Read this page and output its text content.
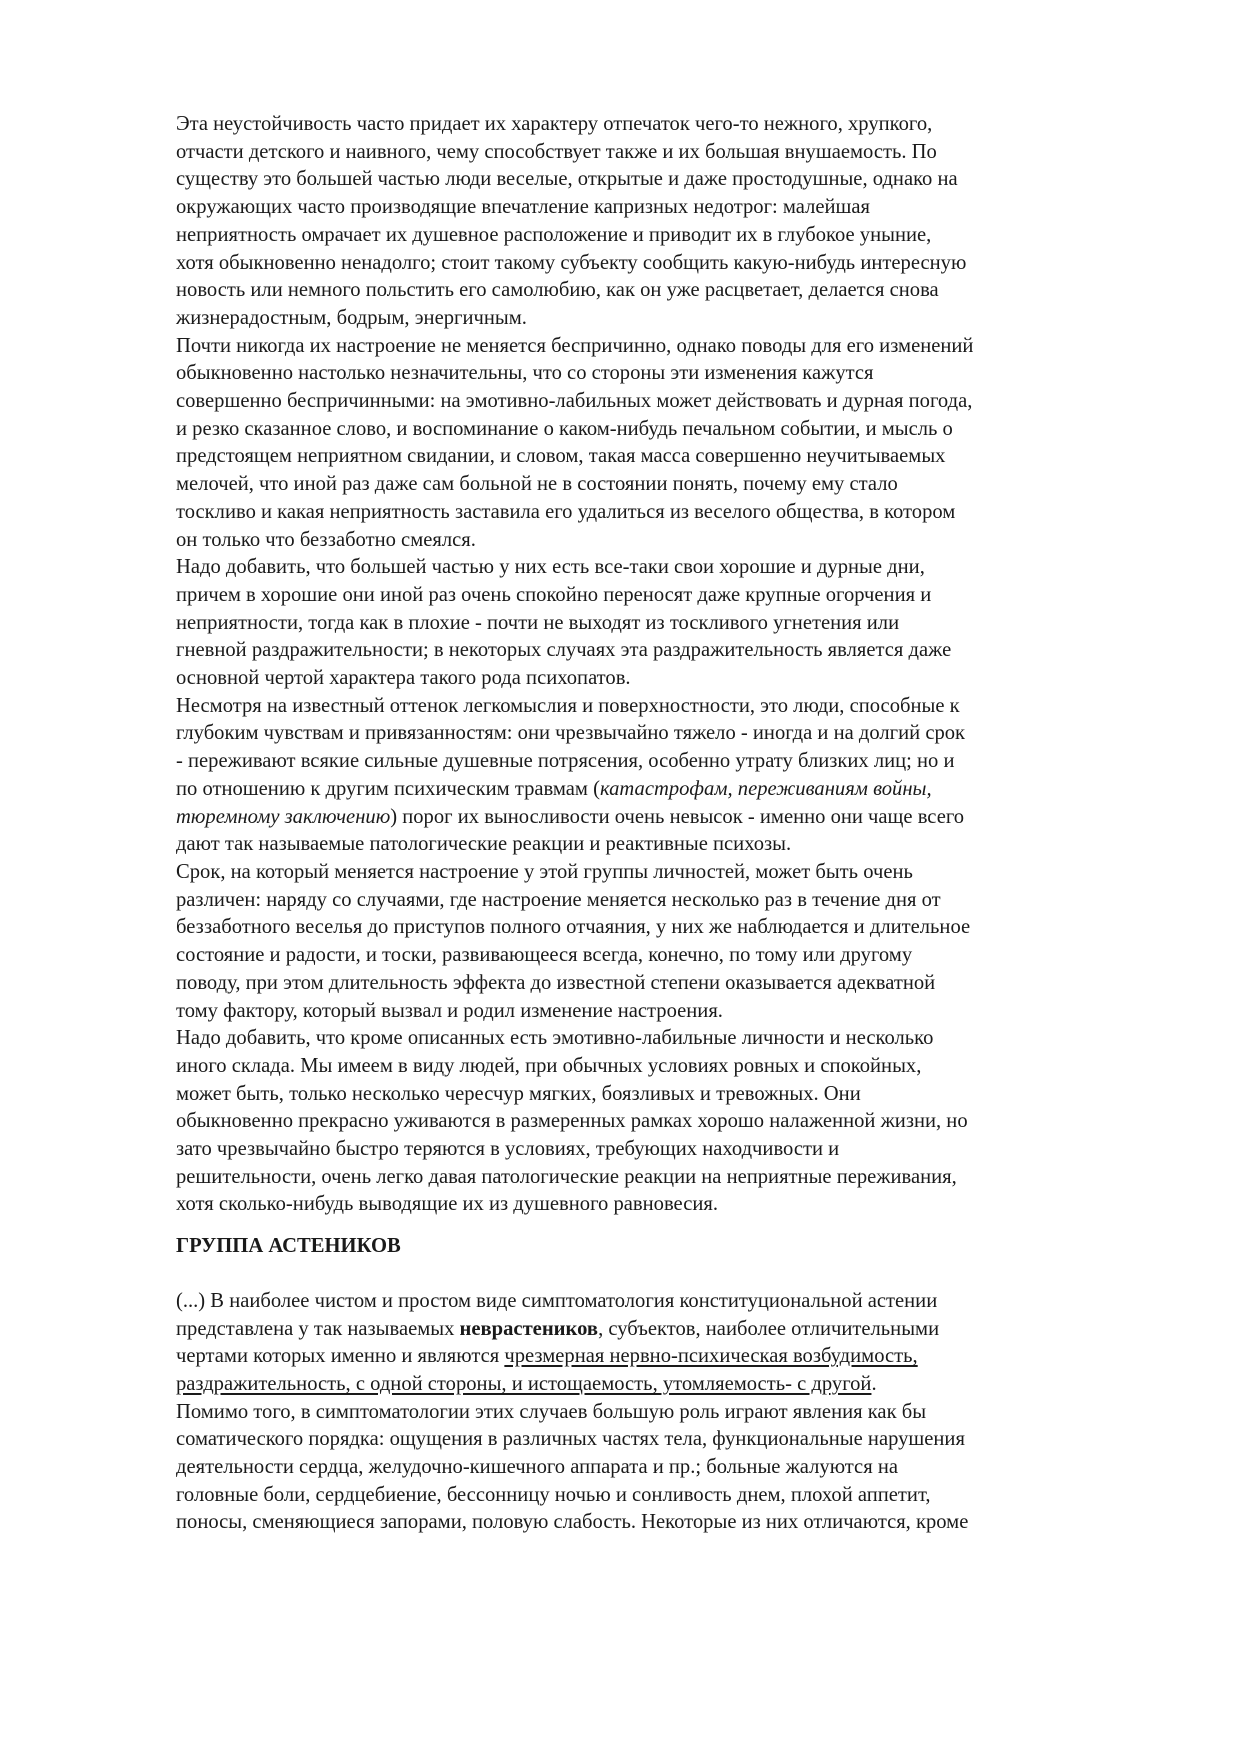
Эта неустойчивость часто придает их характеру отпечаток чего-то нежного, хрупкого,
отчасти детского и наивного, чему способствует также и их большая внушаемость. По
существу это большей частью люди веселые, открытые и даже простодушные, однако на
окружающих часто производящие впечатление капризных недотрог: малейшая
неприятность омрачает их душевное расположение и приводит их в глубокое уныние,
хотя обыкновенно ненадолго; стоит такому субъекту сообщить какую-нибудь интересную
новость или немного польстить его самолюбию, как он уже расцветает, делается снова
жизнерадостным, бодрым, энергичным.

Почти никогда их настроение не меняется беспричинно, однако поводы для его изменений
обыкновенно настолько незначительны, что со стороны эти изменения кажутся
совершенно беспричинными: на эмотивно-лабильных может действовать и дурная погода,
и резко сказанное слово, и воспоминание о каком-нибудь печальном событии, и мысль о
предстоящем неприятном свидании, и словом, такая масса совершенно неучитываемых
мелочей, что иной раз даже сам больной не в состоянии понять, почему ему стало
тоскливо и какая неприятность заставила его удалиться из веселого общества, в котором
он только что беззаботно смеялся.

Надо добавить, что большей частью у них есть все-таки свои хорошие и дурные дни,
причем в хорошие они иной раз очень спокойно переносят даже крупные огорчения и
неприятности, тогда как в плохие - почти не выходят из тоскливого угнетения или
гневной раздражительности; в некоторых случаях эта раздражительность является даже
основной чертой характера такого рода психопатов.

Несмотря на известный оттенок легкомыслия и поверхностности, это люди, способные к
глубоким чувствам и привязанностям: они чрезвычайно тяжело - иногда и на долгий срок
- переживают всякие сильные душевные потрясения, особенно утрату близких лиц; но и
по отношению к другим психическим травмам (катастрофам, переживаниям войны,
тюремному заключению) порог их выносливости очень невысок - именно они чаще всего
дают так называемые патологические реакции и реактивные психозы.

Срок, на который меняется настроение у этой группы личностей, может быть очень
различен: наряду со случаями, где настроение меняется несколько раз в течение дня от
беззаботного веселья до приступов полного отчаяния, у них же наблюдается и длительное
состояние и радости, и тоски, развивающееся всегда, конечно, по тому или другому
поводу, при этом длительность эффекта до известной степени оказывается адекватной
тому фактору, который вызвал и родил изменение настроения.

Надо добавить, что кроме описанных есть эмотивно-лабильные личности и несколько
иного склада. Мы имеем в виду людей, при обычных условиях ровных и спокойных,
может быть, только несколько чересчур мягких, боязливых и тревожных. Они
обыкновенно прекрасно уживаются в размеренных рамках хорошо налаженной жизни, но
зато чрезвычайно быстро теряются в условиях, требующих находчивости и
решительности, очень легко давая патологические реакции на неприятные переживания,
хотя сколько-нибудь выводящие их из душевного равновесия.

ГРУППА АСТЕНИКОВ

(...) В наиболее чистом и простом виде симптоматология конституциональной астении
представлена у так называемых неврастеников, субъектов, наиболее отличительными
чертами которых именно и являются чрезмерная нервно-психическая возбудимость,
раздражительность, с одной стороны, и истощаемость, утомляемость- с другой.
Помимо того, в симптоматологии этих случаев большую роль играют явления как бы
соматического порядка: ощущения в различных частях тела, функциональные нарушения
деятельности сердца, желудочно-кишечного аппарата и пр.; больные жалуются на
головные боли, сердцебиение, бессонницу ночью и сонливость днем, плохой аппетит,
поносы, сменяющиеся запорами, половую слабость. Некоторые из них отличаются, кроме
